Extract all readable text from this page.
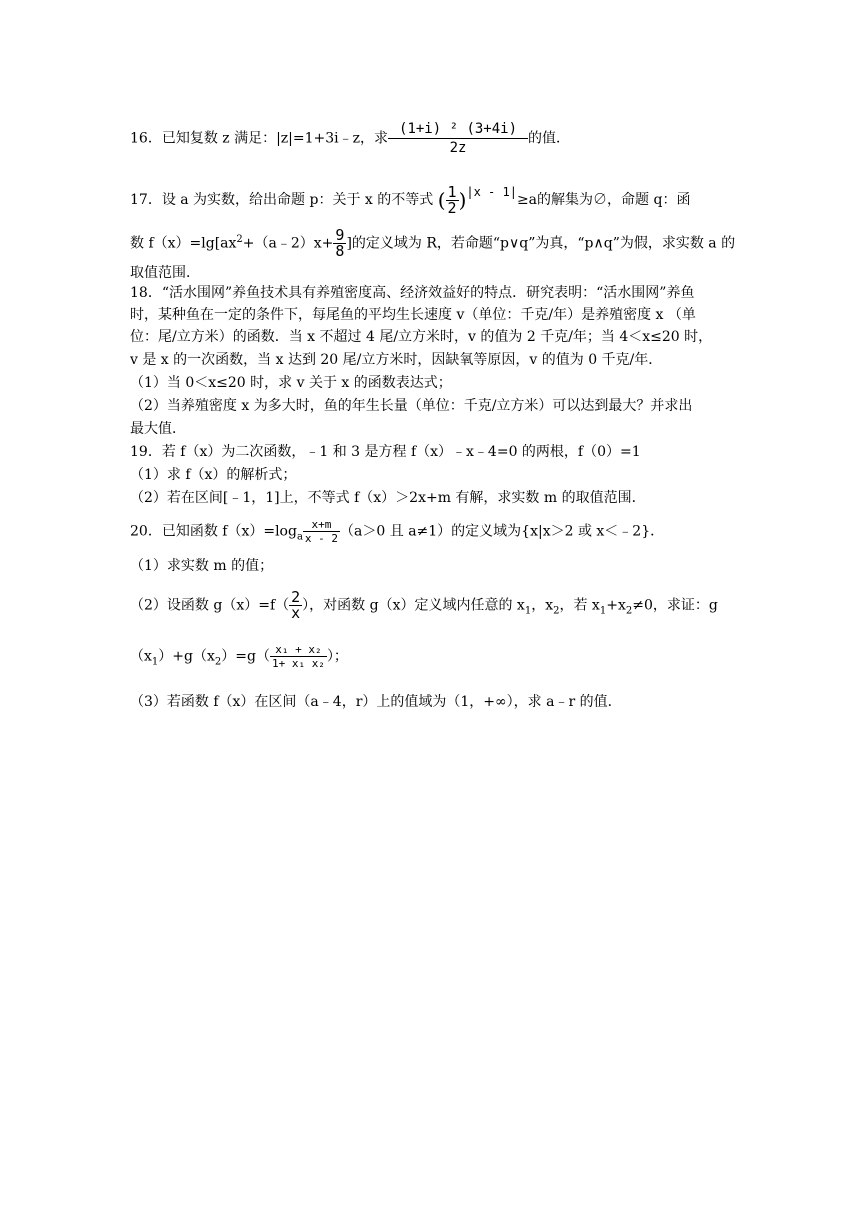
16．已知复数 z 满足：|z|=1+3i﹣z，求 $\frac{\text{(1+i) ² (3+4i)}}{2z}$ 的值．
17．设 a 为实数，给出命题 p：关于 x 的不等式 ( $\frac{1}{2} )|x - 1|\ge a$的解集为∅，命题 q：函
数 $f(x)=\lg[ax^2+(a﹣2)x+ \frac{9}{8}$ ]的定义域为 R，若命题“p∨q”为真，“p∧q”为假，求实数 a 的
取值范围．
18．“活水围网”养鱼技术具有养殖密度高、经济效益好的特点．研究表明：“活水围网”养鱼
时，某种鱼在一定的条件下，每尾鱼的平均生长速度 v（单位：千克/年）是养殖密度 x （单
位：尾/立方米）的函数．当 x 不超过 4 尾/立方米时，v 的值为 2 千克/年；当 4＜x≤20 时，
v 是 x 的一次函数，当 x 达到 20 尾/立方米时，因缺氧等原因，v 的值为 0 千克/年．
（1）当 0＜x≤20 时，求 v 关于 x 的函数表达式；
（2）当养殖密度 x 为多大时，鱼的年生长量（单位：千克/立方米）可以达到最大？并求出
最大值．
19．若 f（x）为二次函数，﹣1 和 3 是方程 f（x）﹣x﹣4=0 的两根，f（0）=1
（1）求 f（x）的解析式；
（2）若在区间[﹣1，1]上，不等式 f（x）＞2x+m 有解，求实数 m 的取值范围．
20．已知函数 $f(x)=\log_a \frac{x+m}{x - 2} (a>0$ 且 a≠1）的定义域为{x|x＞2 或 x＜﹣2}．
（1）求实数 m 的值；
（2）设函数 $g(x)=f( \frac{2}{x}$ ），对函数 g（x）定义域内任意的 $x_1$，$x_2$，若 $x_1+x_2\ne 0$，求证：g
$(x_1)+g(x_2)=g( \frac{\text{x₁ + x₂}}{\text{1+ x₁ x₂}}$ ）；
（3）若函数 f（x）在区间（a﹣4，r）上的值域为（1，+∞），求 a﹣r 的值．
